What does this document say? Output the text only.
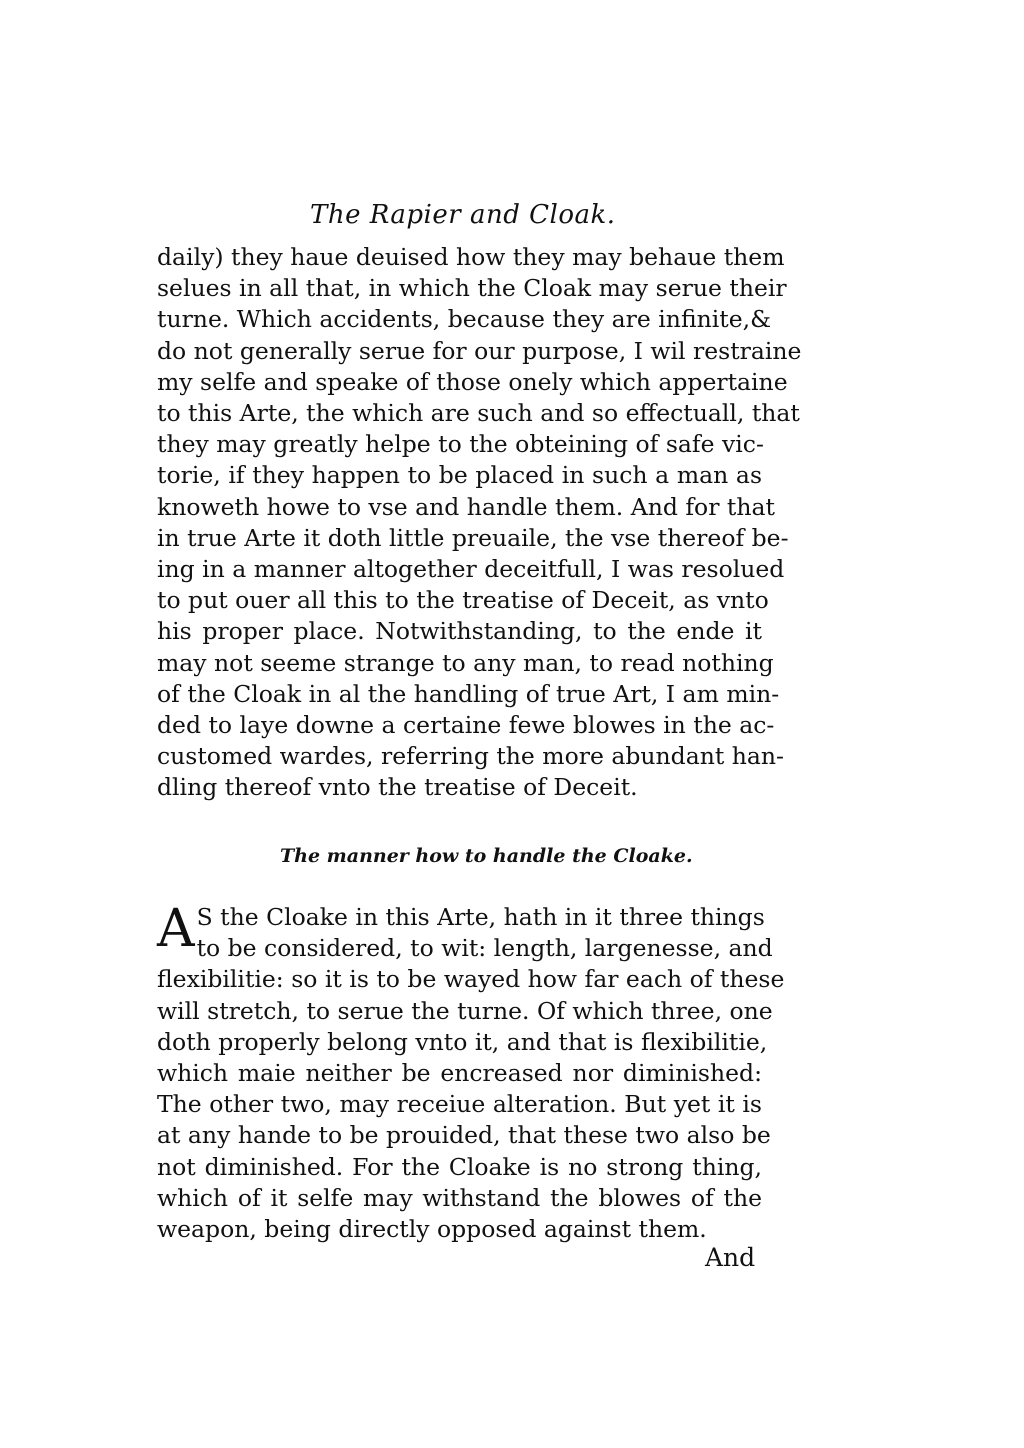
The Rapier and Cloak.
daily) they haue deuised how they may behaue them
selues in all that, in which the Cloak may serue their
turne. Which accidents, because they are infinite,&
do not generally serue for our purpose, I wil restraine
my selfe and speake of those onely which appertaine
to this Arte, the which are such and so effectuall, that
they may greatly helpe to the obteining of safe vic-
torie, if they happen to be placed in such a man as
knoweth howe to vse and handle them. And for that
in true Arte it doth little preuaile, the vse thereof be-
ing in a manner altogether deceitfull, I was resolued
to put ouer all this to the treatise of Deceit, as vnto
his proper place. Notwithstanding, to the ende it
may not seeme strange to any man, to read nothing
of the Cloak in al the handling of true Art, I am min-
ded to laye downe a certaine fewe blowes in the ac-
customed wardes, referring the more abundant han-
dling thereof vnto the treatise of Deceit.
The manner how to handle the Cloake.
A S the Cloake in this Arte, hath in it three things
to be considered, to wit: length, largenesse, and
flexibilitie: so it is to be wayed how far each of these
will stretch, to serue the turne. Of which three, one
doth properly belong vnto it, and that is flexibilitie,
which maie neither be encreased nor diminished:
The other two, may receiue alteration. But yet it is
at any hande to be prouided, that these two also be
not diminished. For the Cloake is no strong thing,
which of it selfe may withstand the blowes of the
weapon, being directly opposed against them.
And
